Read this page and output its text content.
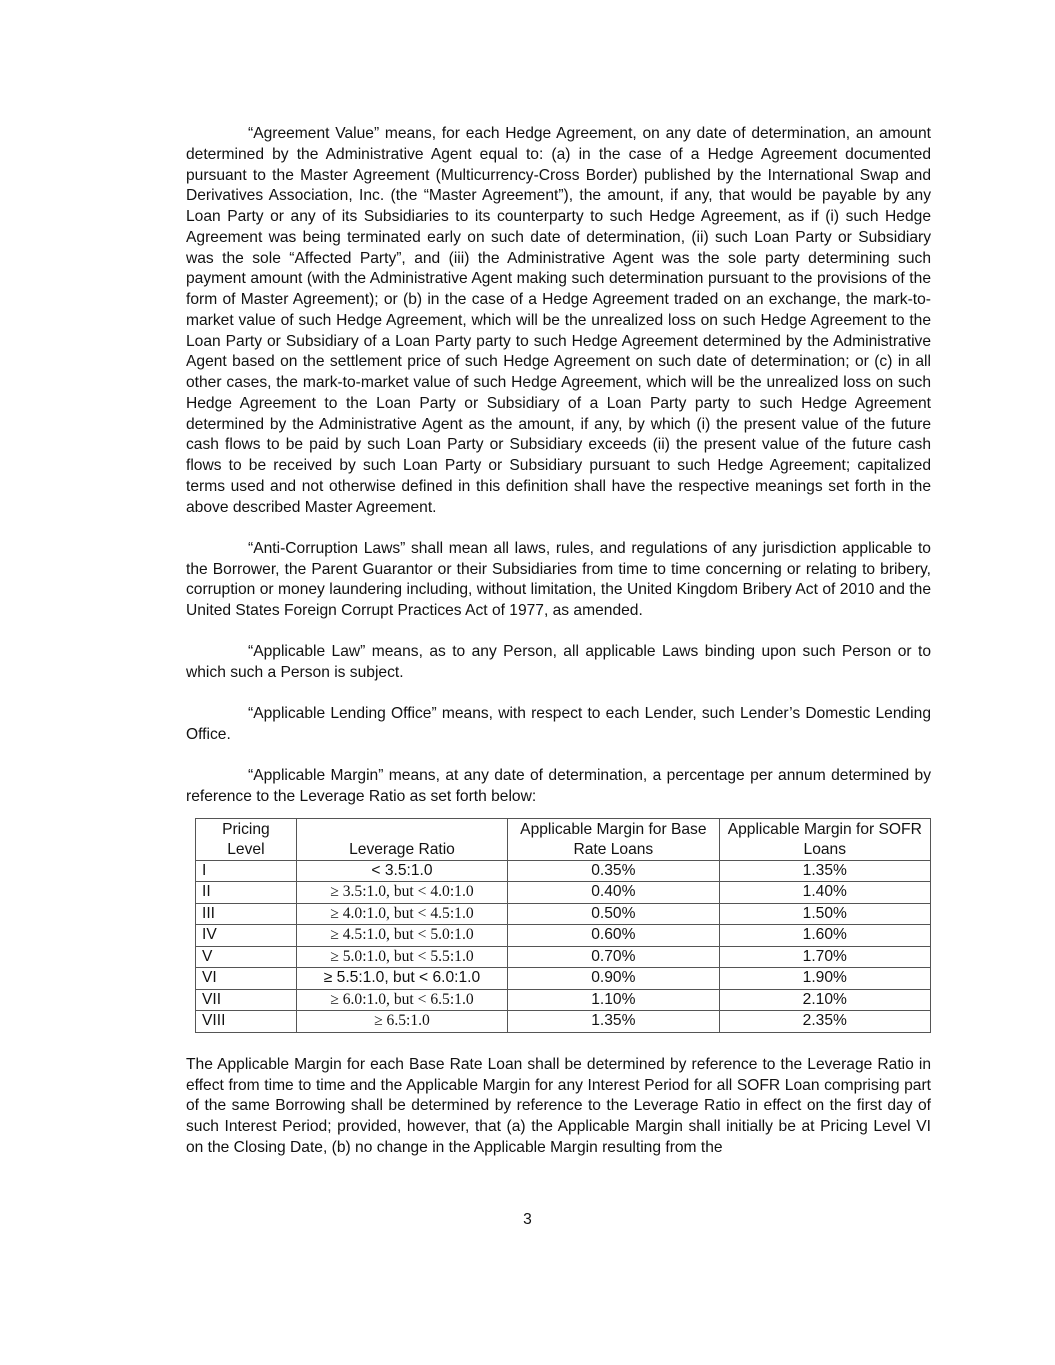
“Agreement Value” means, for each Hedge Agreement, on any date of determination, an amount determined by the Administrative Agent equal to: (a) in the case of a Hedge Agreement documented pursuant to the Master Agreement (Multicurrency-Cross Border) published by the International Swap and Derivatives Association, Inc. (the “Master Agreement”), the amount, if any, that would be payable by any Loan Party or any of its Subsidiaries to its counterparty to such Hedge Agreement, as if (i) such Hedge Agreement was being terminated early on such date of determination, (ii) such Loan Party or Subsidiary was the sole “Affected Party”, and (iii) the Administrative Agent was the sole party determining such payment amount (with the Administrative Agent making such determination pursuant to the provisions of the form of Master Agreement); or (b) in the case of a Hedge Agreement traded on an exchange, the mark-to-market value of such Hedge Agreement, which will be the unrealized loss on such Hedge Agreement to the Loan Party or Subsidiary of a Loan Party party to such Hedge Agreement determined by the Administrative Agent based on the settlement price of such Hedge Agreement on such date of determination; or (c) in all other cases, the mark-to-market value of such Hedge Agreement, which will be the unrealized loss on such Hedge Agreement to the Loan Party or Subsidiary of a Loan Party party to such Hedge Agreement determined by the Administrative Agent as the amount, if any, by which (i) the present value of the future cash flows to be paid by such Loan Party or Subsidiary exceeds (ii) the present value of the future cash flows to be received by such Loan Party or Subsidiary pursuant to such Hedge Agreement; capitalized terms used and not otherwise defined in this definition shall have the respective meanings set forth in the above described Master Agreement.

“Anti-Corruption Laws” shall mean all laws, rules, and regulations of any jurisdiction applicable to the Borrower, the Parent Guarantor or their Subsidiaries from time to time concerning or relating to bribery, corruption or money laundering including, without limitation, the United Kingdom Bribery Act of 2010 and the United States Foreign Corrupt Practices Act of 1977, as amended.

“Applicable Law” means, as to any Person, all applicable Laws binding upon such Person or to which such a Person is subject.

“Applicable Lending Office” means, with respect to each Lender, such Lender’s Domestic Lending Office.

“Applicable Margin” means, at any date of determination, a percentage per annum determined by reference to the Leverage Ratio as set forth below:

Pricing Level	Leverage Ratio	Applicable Margin for Base Rate Loans	Applicable Margin for SOFR Loans
I	< 3.5:1.0	0.35%	1.35%
II	≥ 3.5:1.0, but < 4.0:1.0	0.40%	1.40%
III	≥ 4.0:1.0, but < 4.5:1.0	0.50%	1.50%
IV	≥ 4.5:1.0, but < 5.0:1.0	0.60%	1.60%
V	≥ 5.0:1.0, but < 5.5:1.0	0.70%	1.70%
VI	≥ 5.5:1.0, but < 6.0:1.0	0.90%	1.90%
VII	≥ 6.0:1.0, but < 6.5:1.0	1.10%	2.10%
VIII	≥ 6.5:1.0	1.35%	2.35%

The Applicable Margin for each Base Rate Loan shall be determined by reference to the Leverage Ratio in effect from time to time and the Applicable Margin for any Interest Period for all SOFR Loan comprising part of the same Borrowing shall be determined by reference to the Leverage Ratio in effect on the first day of such Interest Period; provided, however, that (a) the Applicable Margin shall initially be at Pricing Level VI on the Closing Date, (b) no change in the Applicable Margin resulting from the

3
